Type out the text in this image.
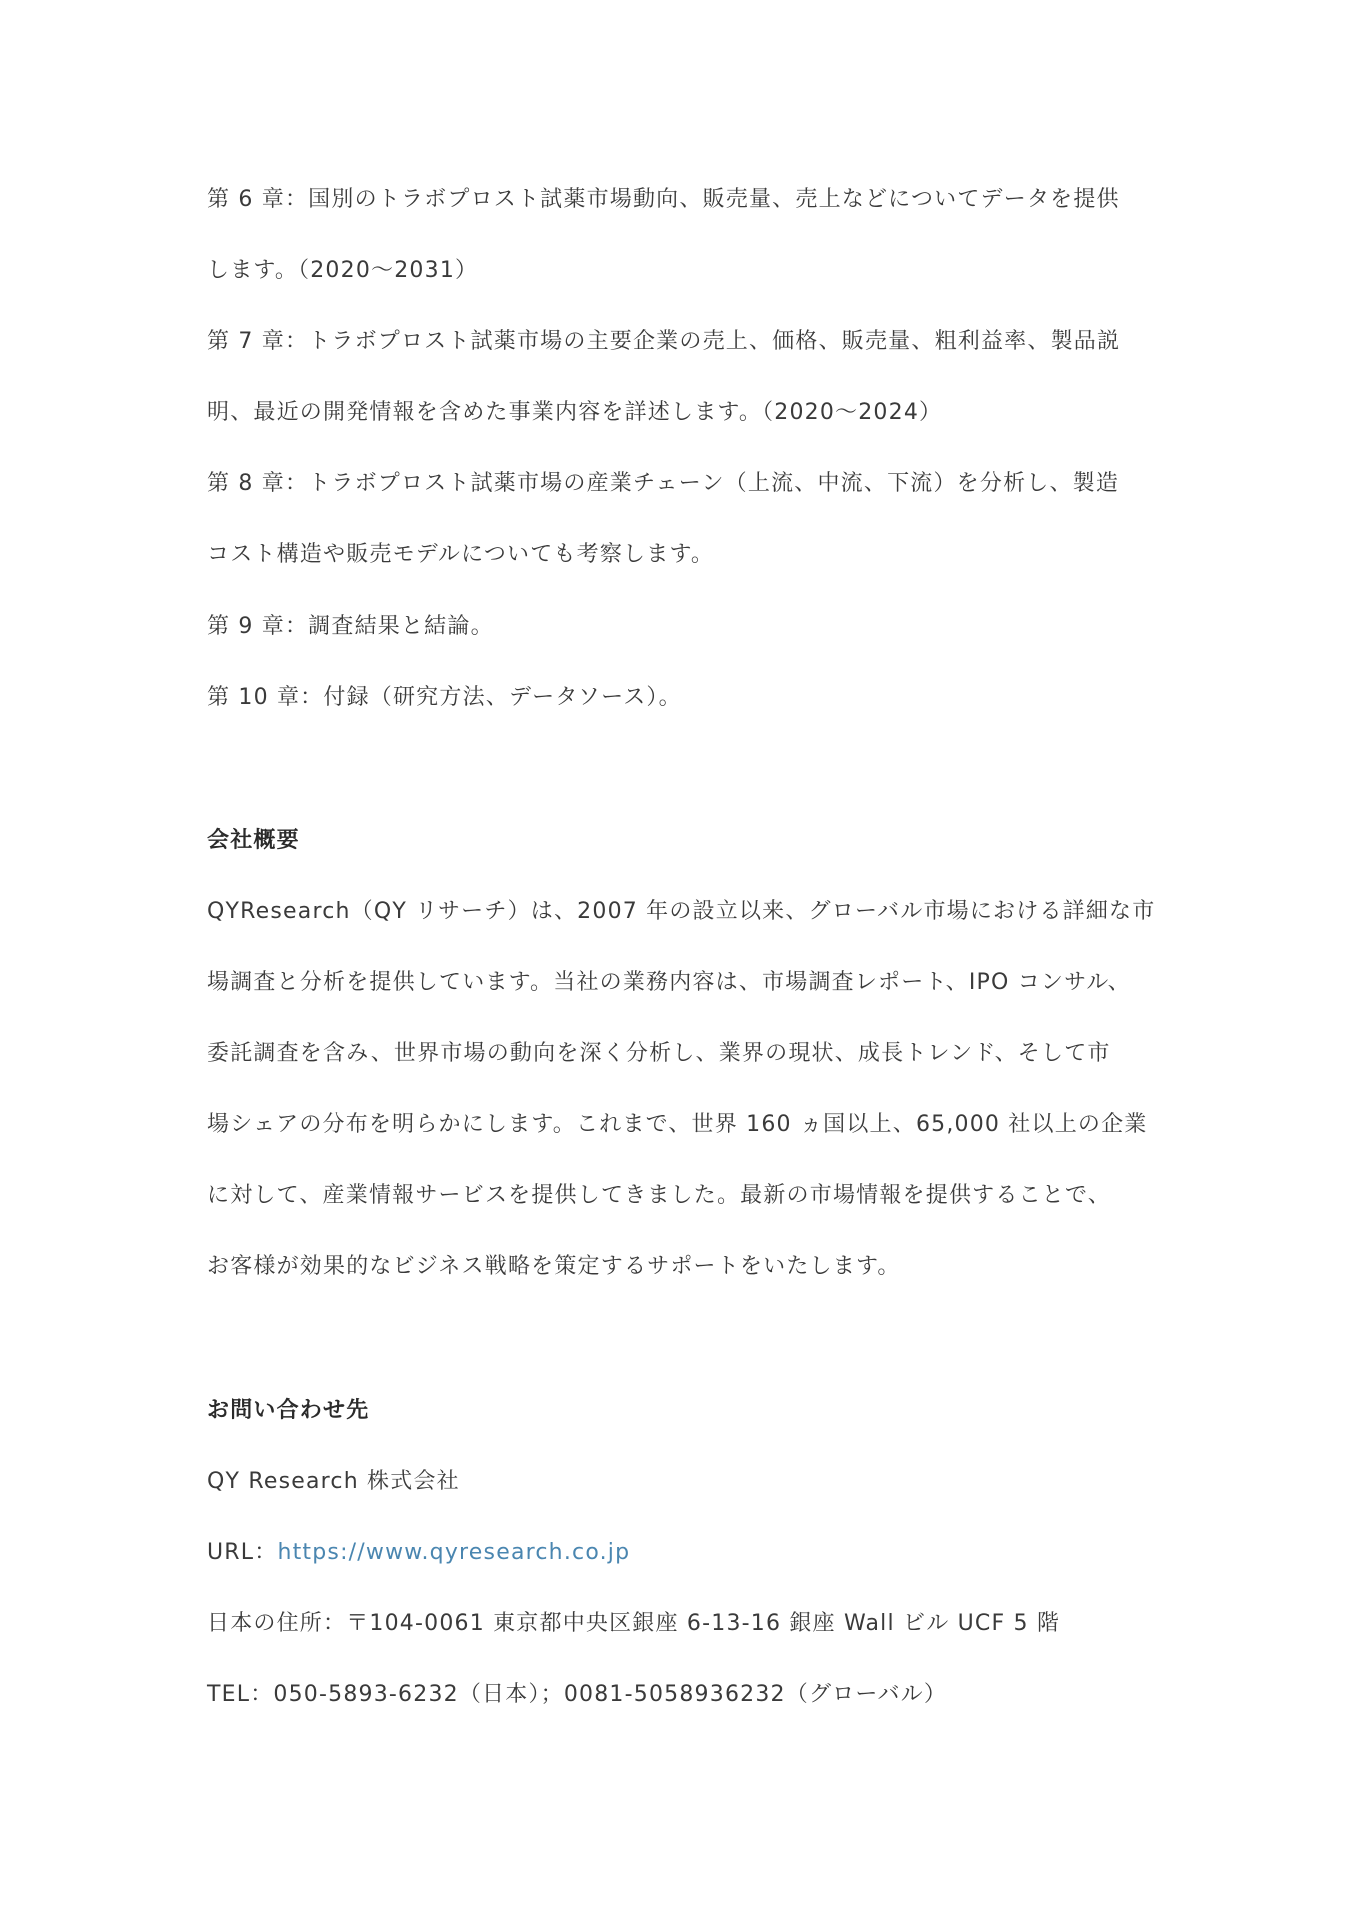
第 6 章：国別のトラボプロスト試薬市場動向、販売量、売上などについてデータを提供
します。（2020～2031）
第 7 章：トラボプロスト試薬市場の主要企業の売上、価格、販売量、粗利益率、製品説
明、最近の開発情報を含めた事業内容を詳述します。（2020～2024）
第 8 章：トラボプロスト試薬市場の産業チェーン（上流、中流、下流）を分析し、製造
コスト構造や販売モデルについても考察します。
第 9 章：調査結果と結論。
第 10 章：付録（研究方法、データソース）。
会社概要
QYResearch（QY リサーチ）は、2007 年の設立以来、グローバル市場における詳細な市
場調査と分析を提供しています。当社の業務内容は、市場調査レポート、IPO コンサル、
委託調査を含み、世界市場の動向を深く分析し、業界の現状、成長トレンド、そして市
場シェアの分布を明らかにします。これまで、世界 160 ヵ国以上、65,000 社以上の企業
に対して、産業情報サービスを提供してきました。最新の市場情報を提供することで、
お客様が効果的なビジネス戦略を策定するサポートをいたします。
お問い合わせ先
QY Research 株式会社
URL：https://www.qyresearch.co.jp
日本の住所：〒104-0061 東京都中央区銀座 6-13-16 銀座 Wall ビル UCF 5 階
TEL：050-5893-6232（日本）；0081-5058936232（グローバル）
